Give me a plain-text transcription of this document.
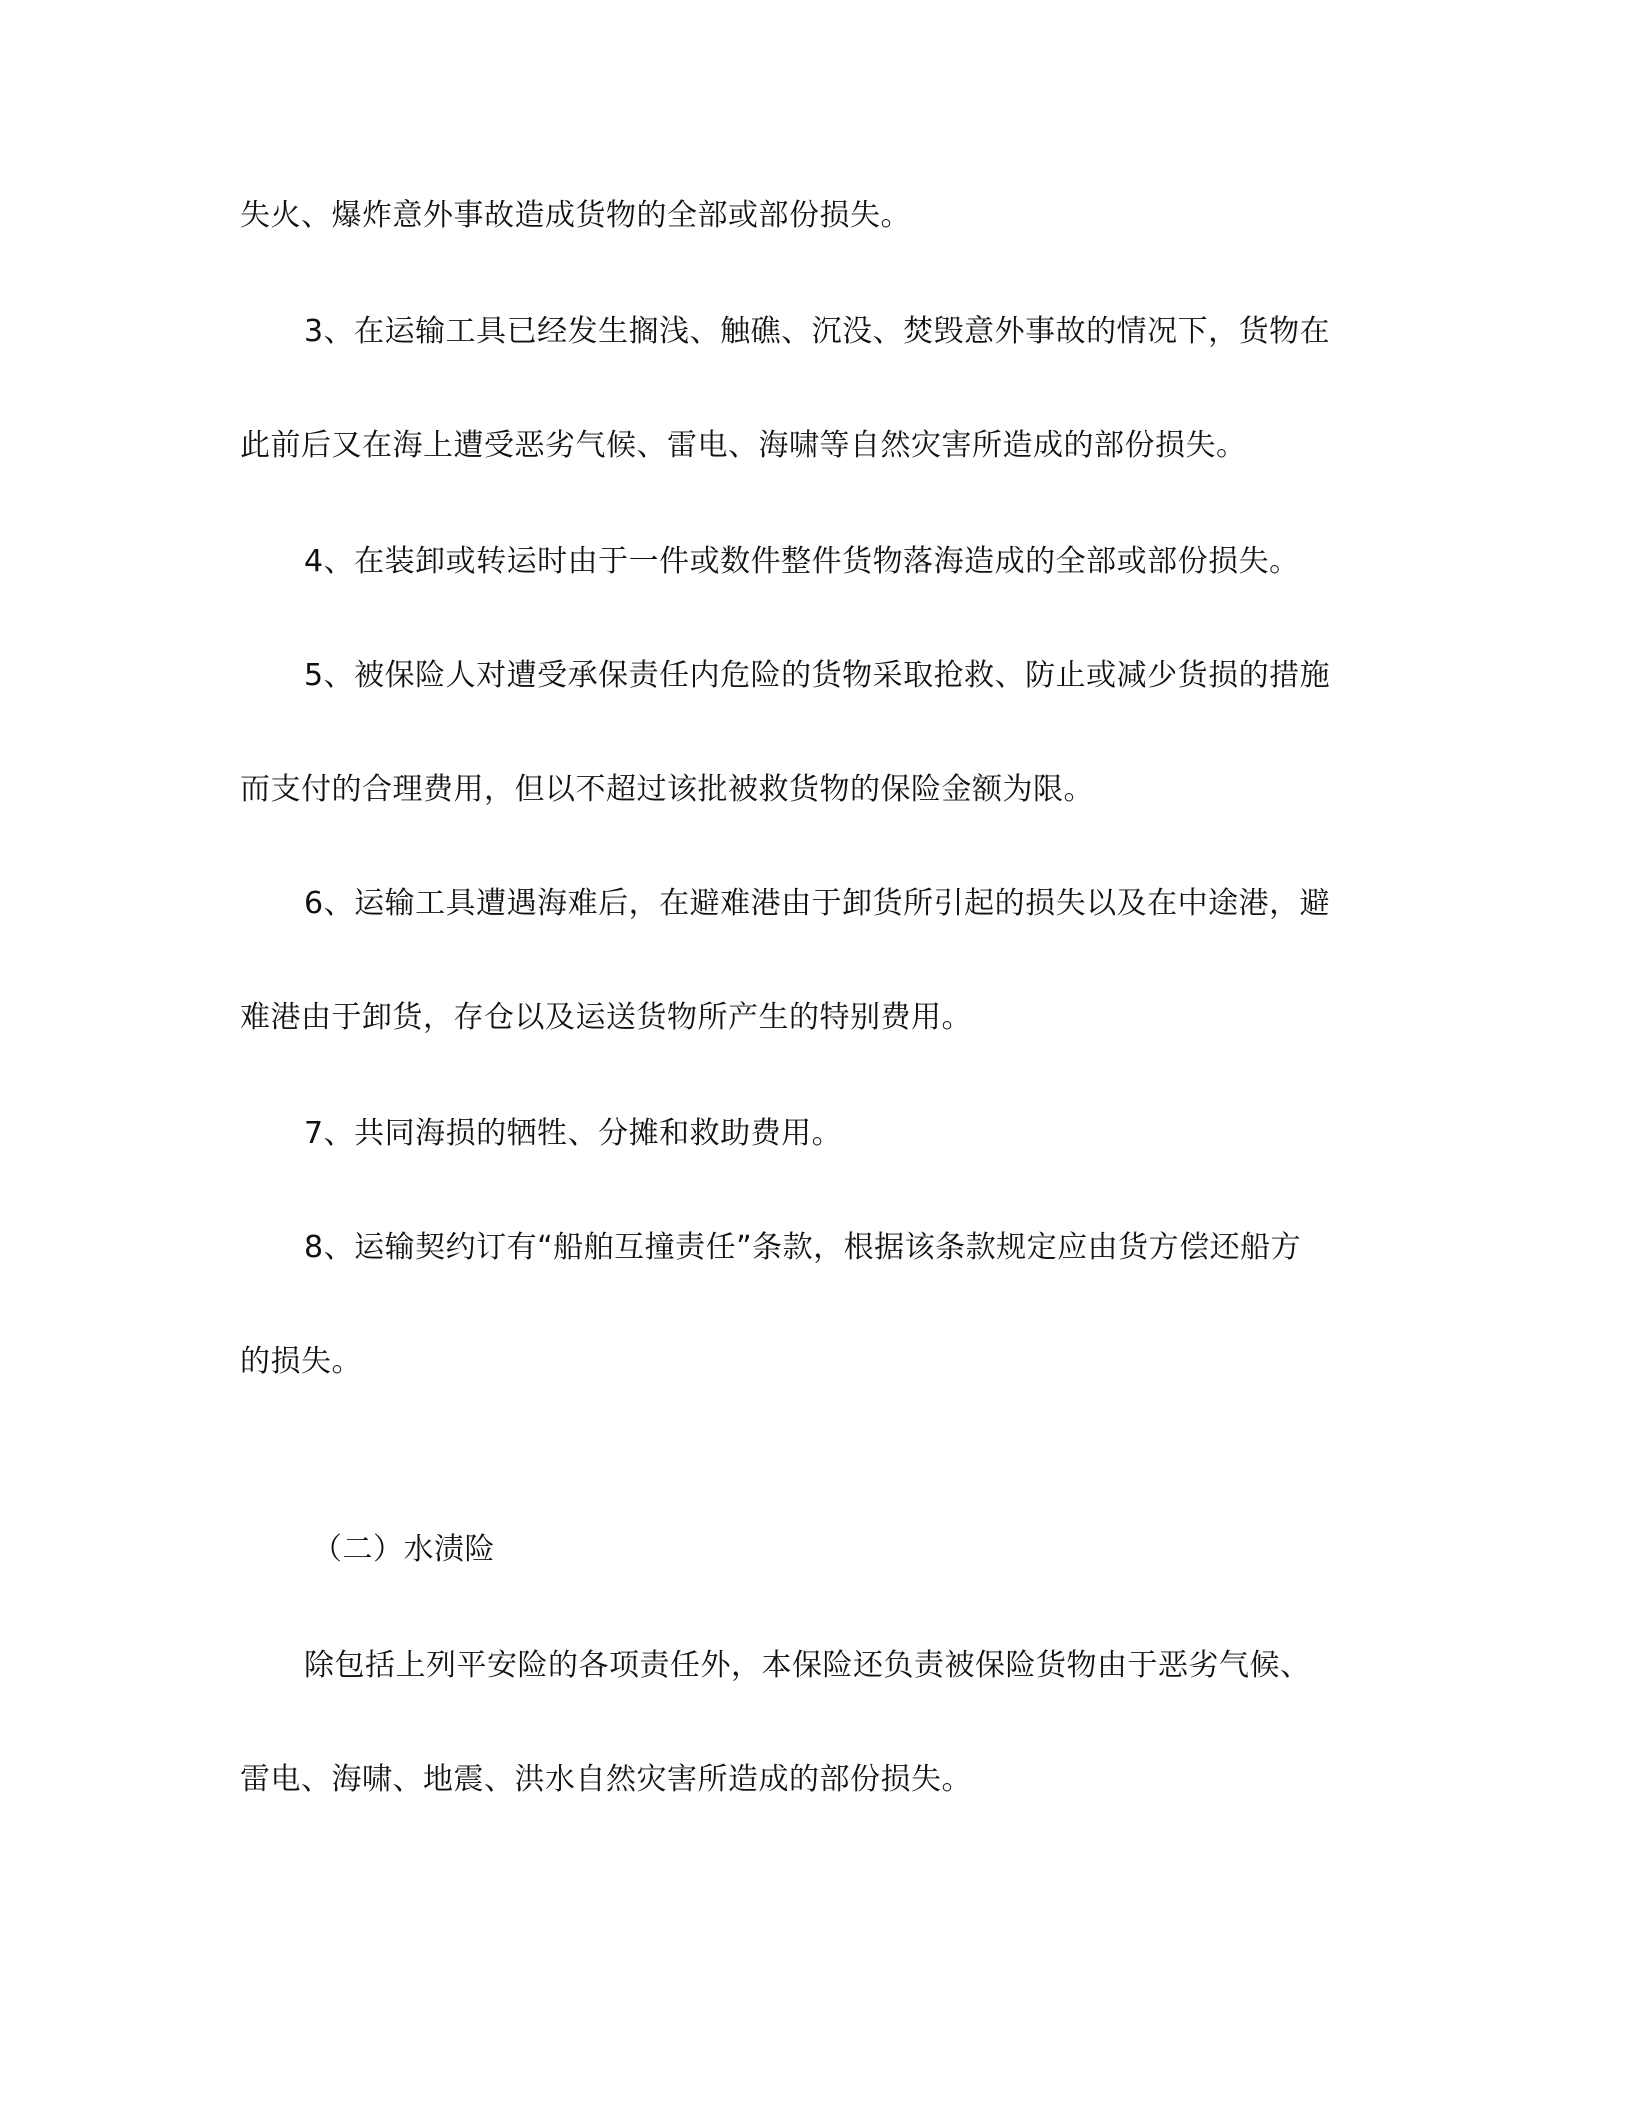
失火、爆炸意外事故造成货物的全部或部份损失。
3、在运输工具已经发生搁浅、触礁、沉没、焚毁意外事故的情况下，货物在
此前后又在海上遭受恶劣气候、雷电、海啸等自然灾害所造成的部份损失。
4、在装卸或转运时由于一件或数件整件货物落海造成的全部或部份损失。
5、被保险人对遭受承保责任内危险的货物采取抢救、防止或减少货损的措施
而支付的合理费用，但以不超过该批被救货物的保险金额为限。
6、运输工具遭遇海难后，在避难港由于卸货所引起的损失以及在中途港，避
难港由于卸货，存仓以及运送货物所产生的特别费用。
7、共同海损的牺牲、分摊和救助费用。
8、运输契约订有“船舶互撞责任”条款，根据该条款规定应由货方偿还船方
的损失。
（二）水渍险
除包括上列平安险的各项责任外，本保险还负责被保险货物由于恶劣气候、
雷电、海啸、地震、洪水自然灾害所造成的部份损失。
